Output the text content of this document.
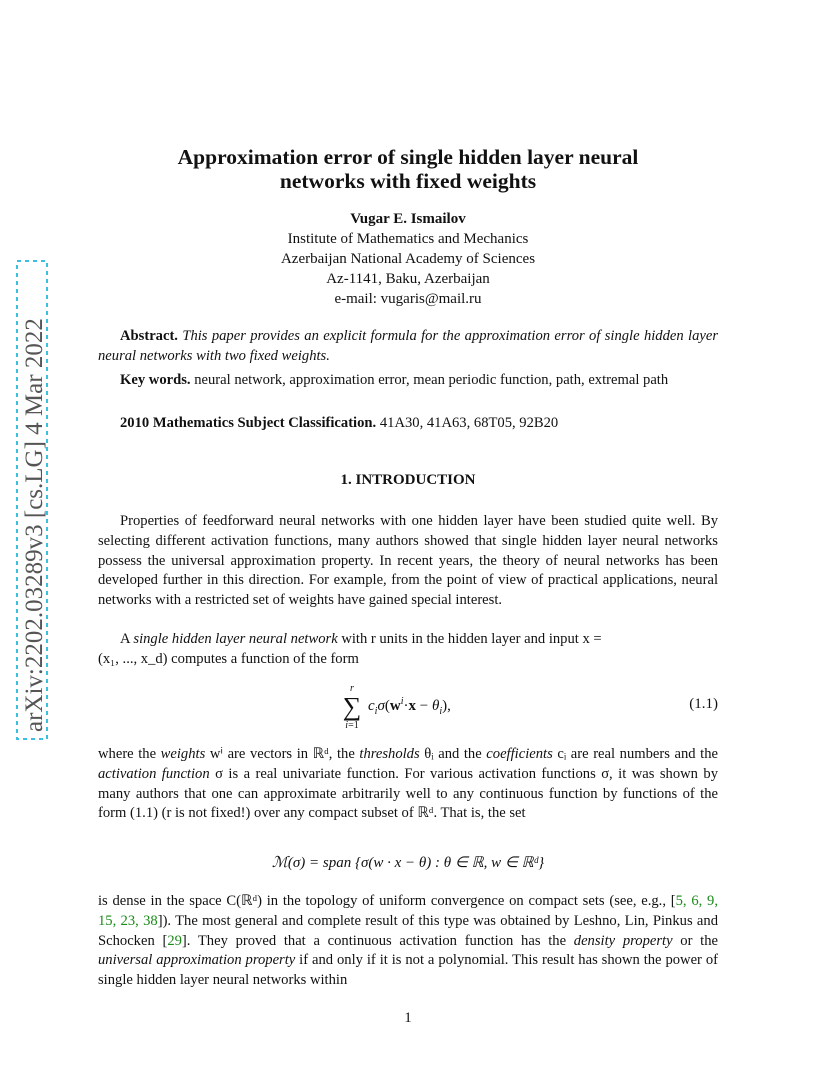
arXiv:2202.03289v3 [cs.LG] 4 Mar 2022
Approximation error of single hidden layer neural
networks with fixed weights
Vugar E. Ismailov
Institute of Mathematics and Mechanics
Azerbaijan National Academy of Sciences
Az-1141, Baku, Azerbaijan
e-mail: vugaris@mail.ru
Abstract. This paper provides an explicit formula for the approximation error of single hidden layer neural networks with two fixed weights.
Key words. neural network, approximation error, mean periodic function, path, extremal path
2010 Mathematics Subject Classification. 41A30, 41A63, 68T05, 92B20
1. INTRODUCTION
Properties of feedforward neural networks with one hidden layer have been studied quite well. By selecting different activation functions, many authors showed that single hidden layer neural networks possess the universal approximation property. In recent years, the theory of neural networks has been developed further in this direction. For example, from the point of view of practical applications, neural networks with a restricted set of weights have gained special interest.
A single hidden layer neural network with r units in the hidden layer and input x =
(x₁, ..., x_d) computes a function of the form
r
∑
i=1
$c_i\sigma(w^i\cdot x - \theta_i)$,	(1.1)
where the weights wⁱ are vectors in ℝᵈ, the thresholds θᵢ and the coefficients cᵢ are real numbers and the activation function σ is a real univariate function. For various activation functions σ, it was shown by many authors that one can approximate arbitrarily well to any continuous function by functions of the form (1.1) (r is not fixed!) over any compact subset of ℝᵈ. That is, the set
ℳ(σ) = span {σ(w · x − θ) : θ ∈ ℝ, w ∈ ℝᵈ}
is dense in the space C(ℝᵈ) in the topology of uniform convergence on compact sets (see, e.g., [5, 6, 9, 15, 23, 38]). The most general and complete result of this type was obtained by Leshno, Lin, Pinkus and Schocken [29]. They proved that a continuous activation function has the density property or the universal approximation property if and only if it is not a polynomial. This result has shown the power of single hidden layer neural networks within
1
